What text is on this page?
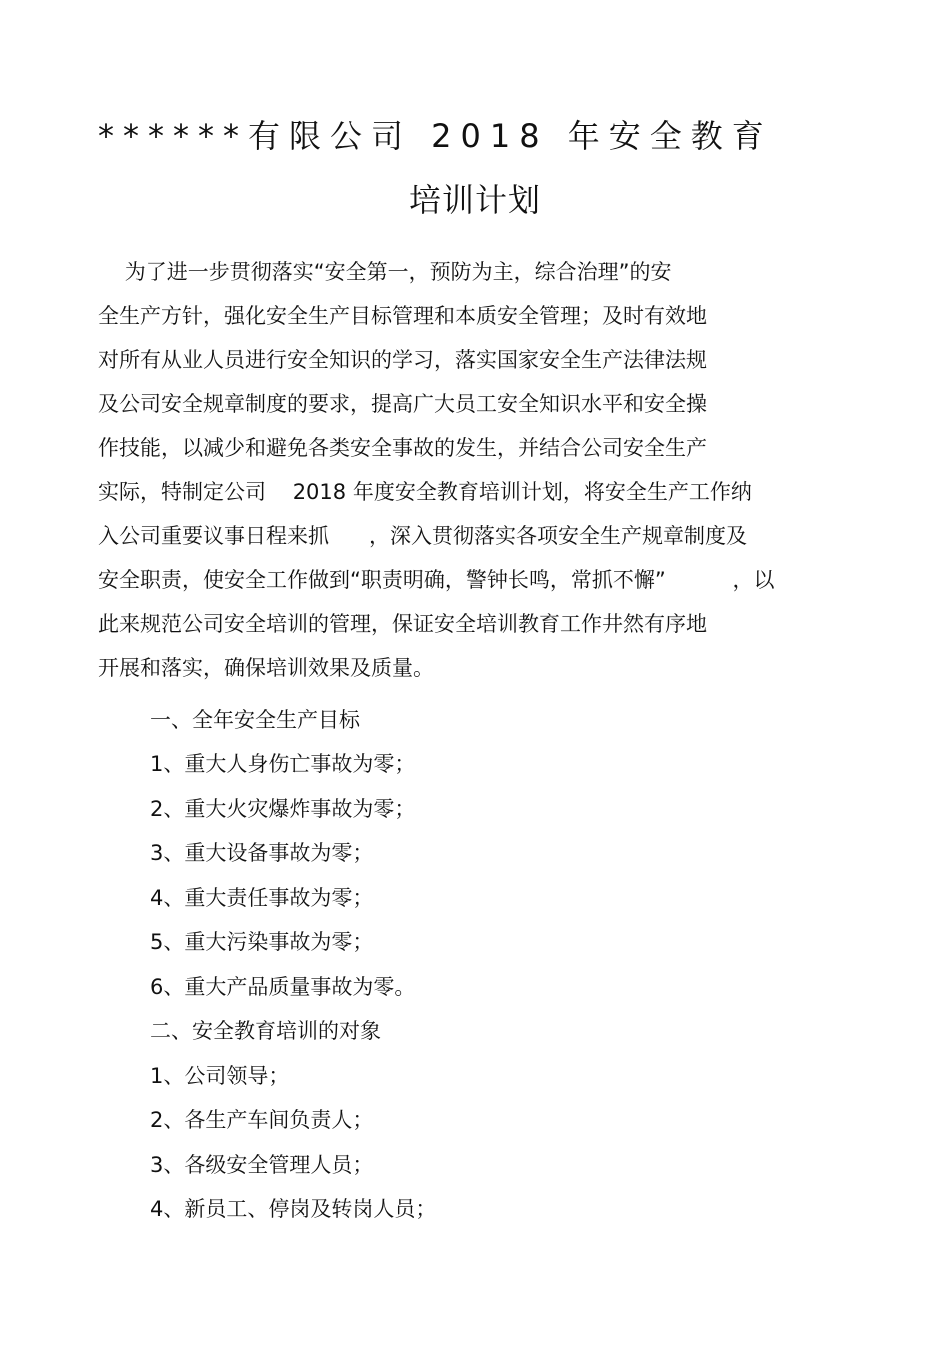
******有限公司 2018 年安全教育
培训计划
为了进一步贯彻落实“安全第一，预防为主，综合治理”的安
全生产方针，强化安全生产目标管理和本质安全管理；及时有效地
对所有从业人员进行安全知识的学习，落实国家安全生产法律法规
及公司安全规章制度的要求，提高广大员工安全知识水平和安全操
作技能，以减少和避免各类安全事故的发生，并结合公司安全生产
实际，特制定公司    2018 年度安全教育培训计划，将安全生产工作纳
入公司重要议事日程来抓      ，深入贯彻落实各项安全生产规章制度及
安全职责，使安全工作做到“职责明确，警钟长鸣，常抓不懈”          ，以
此来规范公司安全培训的管理，保证安全培训教育工作井然有序地
开展和落实，确保培训效果及质量。
一、全年安全生产目标
1、重大人身伤亡事故为零；
2、重大火灾爆炸事故为零；
3、重大设备事故为零；
4、重大责任事故为零；
5、重大污染事故为零；
6、重大产品质量事故为零。
二、安全教育培训的对象
1、公司领导；
2、各生产车间负责人；
3、各级安全管理人员；
4、新员工、停岗及转岗人员；
